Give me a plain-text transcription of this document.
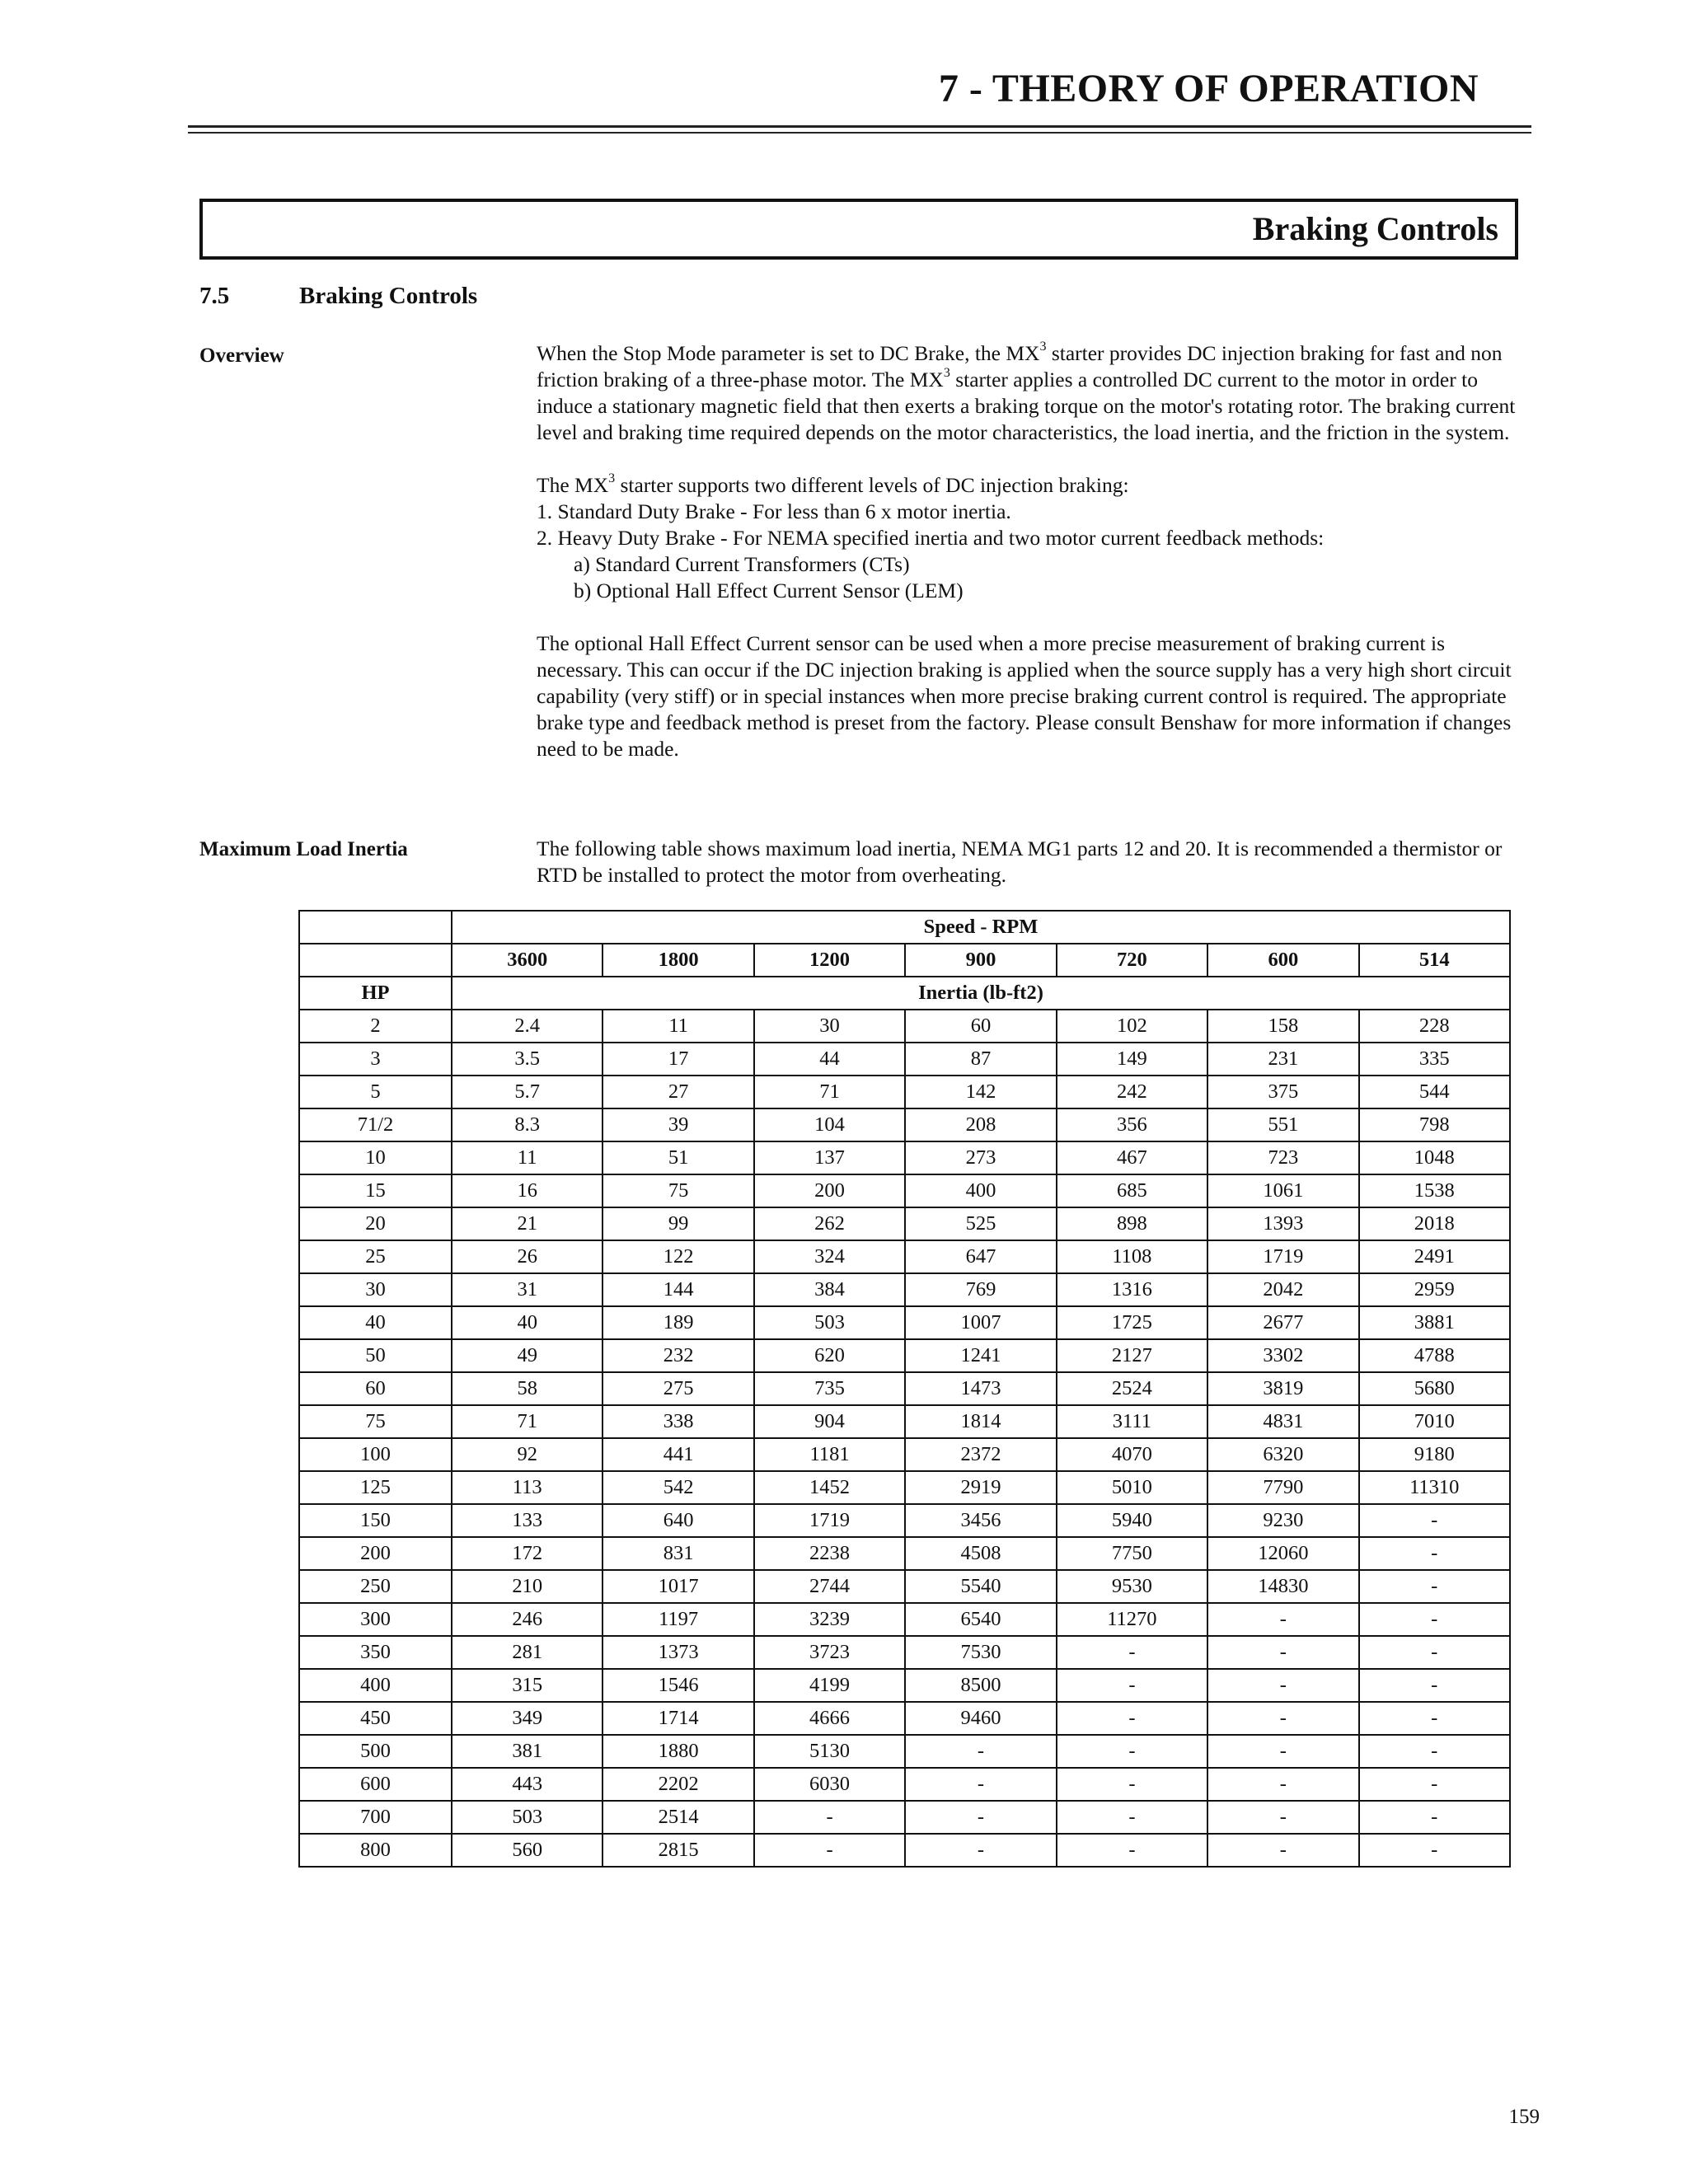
7 - THEORY OF OPERATION
Braking Controls
7.5	Braking Controls
Overview	When the Stop Mode parameter is set to DC Brake, the $MX^3$ starter provides DC injection braking for fast and non friction braking of a three-phase motor. The $MX^3$ starter applies a controlled DC current to the motor in order to induce a stationary magnetic field that then exerts a braking torque on the motor's rotating rotor. The braking current level and braking time required depends on the motor characteristics, the load inertia, and the friction in the system.

The $MX^3$ starter supports two different levels of DC injection braking:

1. Standard Duty Brake - For less than 6 x motor inertia.

2. Heavy Duty Brake - For NEMA specified inertia and two motor current feedback methods:

a) Standard Current Transformers (CTs)

b) Optional Hall Effect Current Sensor (LEM)

The optional Hall Effect Current sensor can be used when a more precise measurement of braking current is necessary. This can occur if the DC injection braking is applied when the source supply has a very high short circuit capability (very stiff) or in special instances when more precise braking current control is required. The appropriate brake type and feedback method is preset from the factory. Please consult Benshaw for more information if changes need to be made.

Maximum Load Inertia	The following table shows maximum load inertia, NEMA MG1 parts 12 and 20. It is recommended a thermistor or RTD be installed to protect the motor from overheating.

	Speed - RPM						
	3600	1800	1200	900	720	600	514
HP	Inertia (lb-ft2)						
2	2.4	11	30	60	102	158	228
3	3.5	17	44	87	149	231	335
5	5.7	27	71	142	242	375	544
71/2	8.3	39	104	208	356	551	798
10	11	51	137	273	467	723	1048
15	16	75	200	400	685	1061	1538
20	21	99	262	525	898	1393	2018
25	26	122	324	647	1108	1719	2491
30	31	144	384	769	1316	2042	2959
40	40	189	503	1007	1725	2677	3881
50	49	232	620	1241	2127	3302	4788
60	58	275	735	1473	2524	3819	5680
75	71	338	904	1814	3111	4831	7010
100	92	441	1181	2372	4070	6320	9180
125	113	542	1452	2919	5010	7790	11310
150	133	640	1719	3456	5940	9230	-
200	172	831	2238	4508	7750	12060	-
250	210	1017	2744	5540	9530	14830	-
300	246	1197	3239	6540	11270	-	-
350	281	1373	3723	7530	-	-	-
400	315	1546	4199	8500	-	-	-
450	349	1714	4666	9460	-	-	-
500	381	1880	5130	-	-	-	-
600	443	2202	6030	-	-	-	-
700	503	2514	-	-	-	-	-
800	560	2815	-	-	-	-	-
159
